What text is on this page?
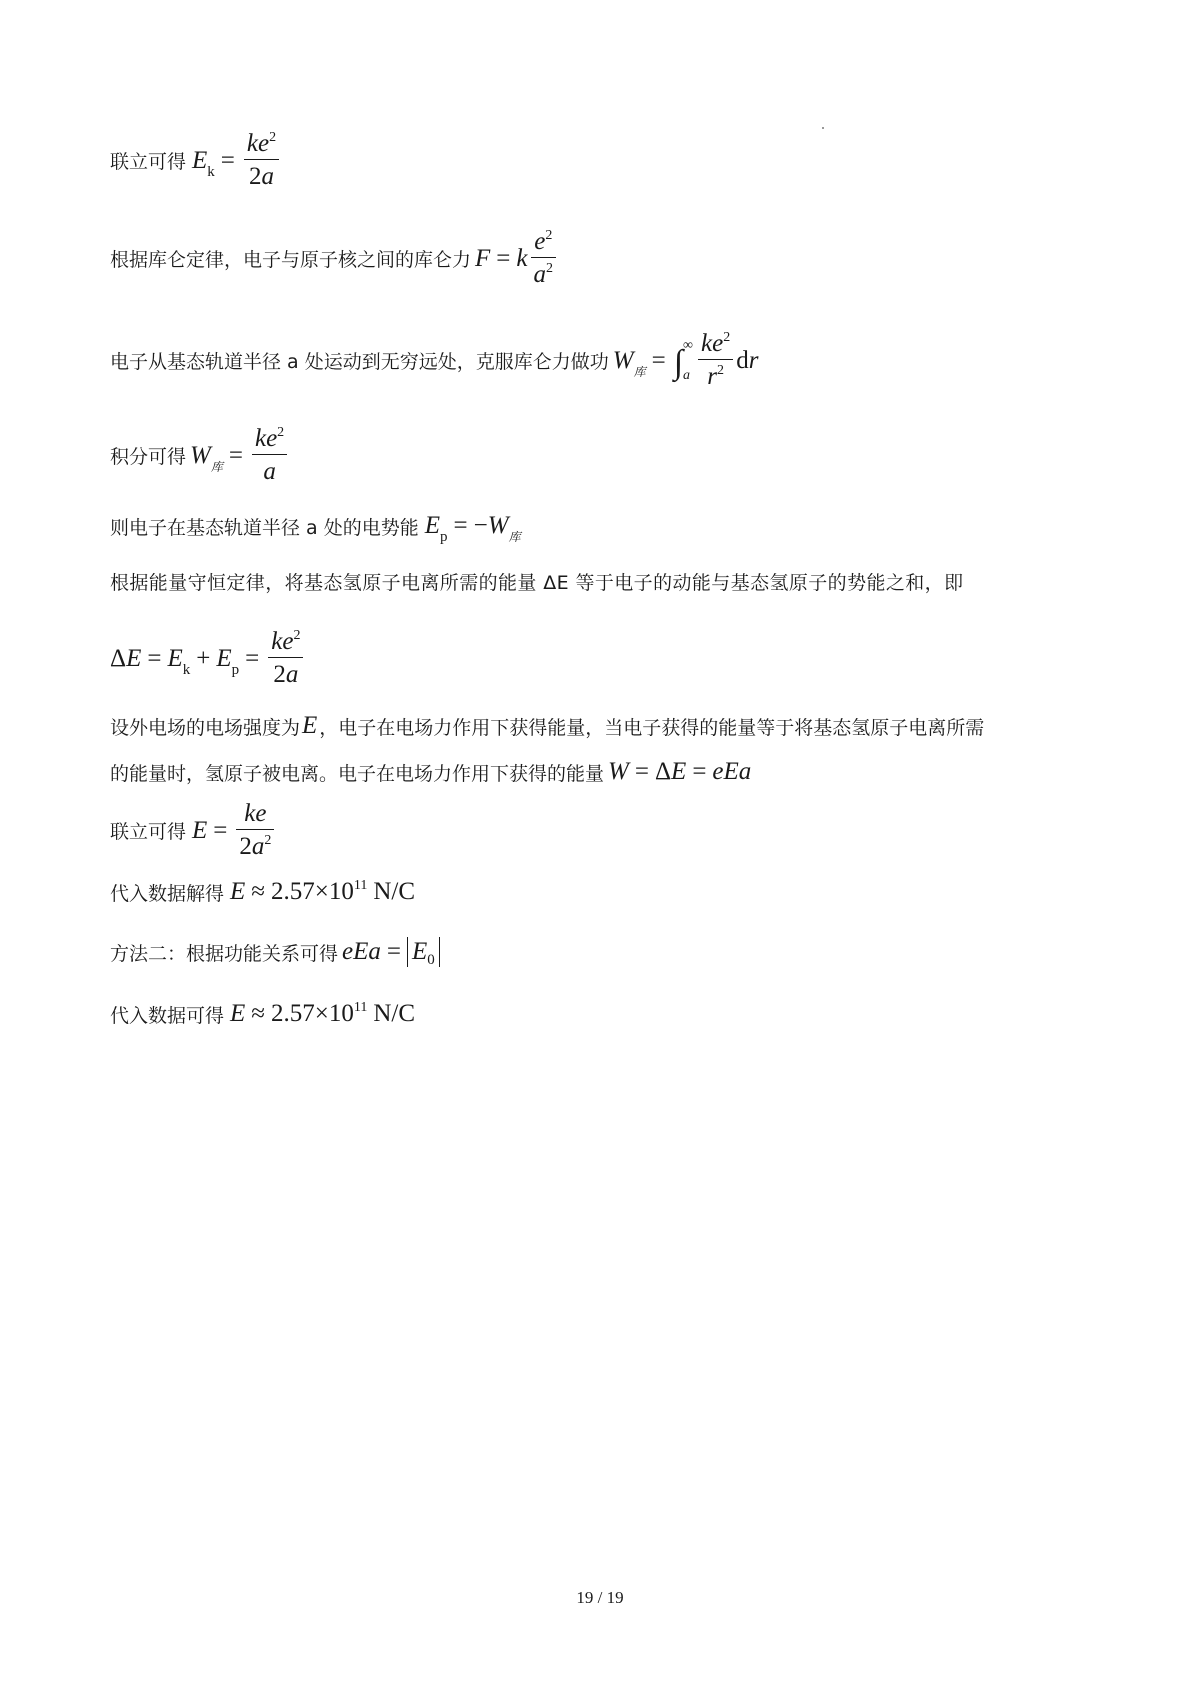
联立可得 $E_k = \frac{ke^2}{2a}$
根据库仑定律，电子与原子核之间的库仑力 F = k $\frac{e^2}{a^2}$
电子从基态轨道半径 a 处运动到无穷远处，克服库仑力做功 $W_库$ = ∫ ∞
a $\frac{ke^2}{r^2}$ dr
积分可得 $W_库 = \frac{ke^2}{a}$
则电子在基态轨道半径 a 处的电势能 $E_p = -W_库$
根据能量守恒定律，将基态氢原子电离所需的能量 ΔE 等于电子的动能与基态氢原子的势能之和，即
$\Delta E = E_k + E_p = \frac{ke^2}{2a}$
设外电场的电场强度为 E ，电子在电场力作用下获得能量，当电子获得的能量等于将基态氢原子电离所需
的能量时，氢原子被电离。电子在电场力作用下获得的能量 W = ΔE = eEa
联立可得 $E = \frac{ke}{2a^2}$
代入数据解得 $E \approx 2.57\times 10^{11}$ N/C
方法二：根据功能关系可得 eEa = E 0
代入数据可得 $E \approx 2.57\times 10^{11}$ N/C
19 / 19
